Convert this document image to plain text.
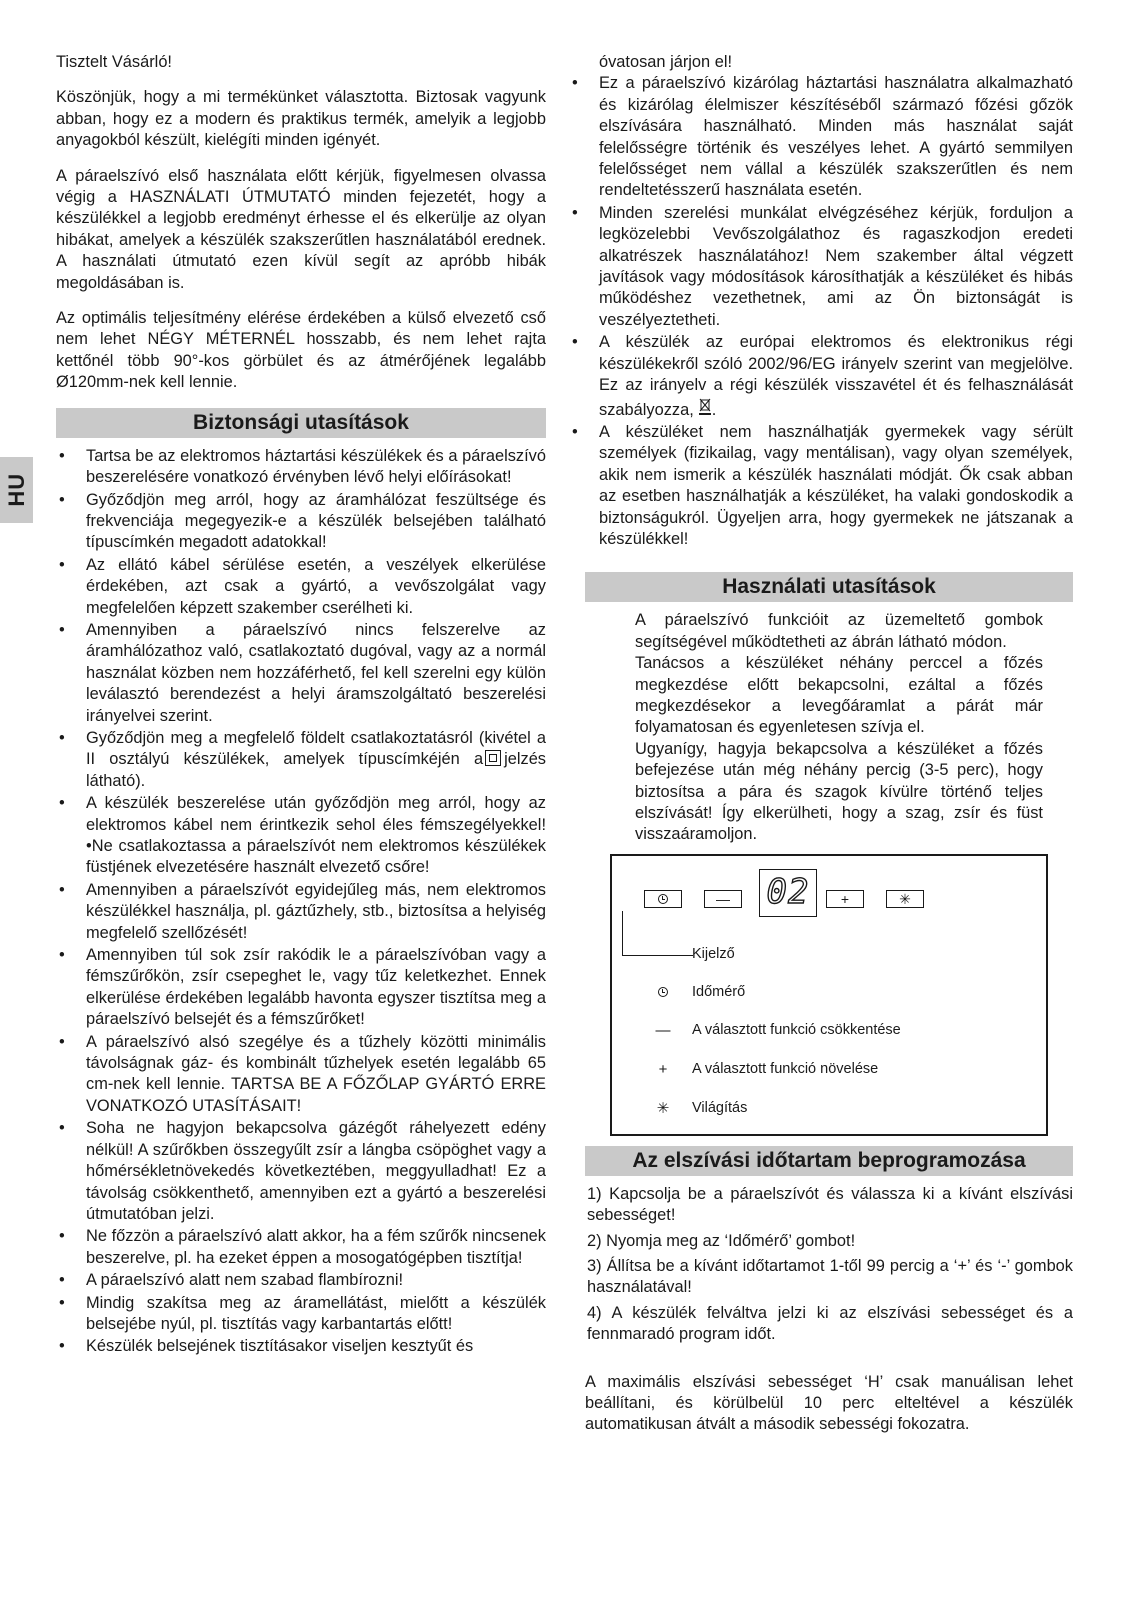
HU

Tisztelt Vásárló!

Köszönjük, hogy a mi termékünket választotta. Biztosak vagyunk abban, hogy ez a modern és praktikus termék, amelyik a legjobb anyagokból készült, kielégíti minden igényét.

A páraelszívó első használata előtt kérjük, figyelmesen olvassa végig a HASZNÁLATI ÚTMUTATÓ minden fejezetét, hogy a készülékkel a legjobb eredményt érhesse el és elkerülje az olyan hibákat, amelyek a készülék szakszerűtlen használatából erednek. A használati útmutató ezen kívül segít az apróbb hibák megoldásában is.

Az optimális teljesítmény elérése érdekében a külső elvezető cső nem lehet NÉGY MÉTERNÉL hosszabb, és nem lehet rajta kettőnél több 90°-kos görbület és az átmérőjének legalább Ø120mm-nek kell lennie.

Biztonsági utasítások
• Tartsa be az elektromos háztartási készülékek és a páraelszívó beszerelésére vonatkozó érvényben lévő helyi előírásokat!
• Győződjön meg arról, hogy az áramhálózat feszültsége és frekvenciája megegyezik-e a készülék belsejében található típuscímkén megadott adatokkal!
• Az ellátó kábel sérülése esetén, a veszélyek elkerülése érdekében, azt csak a gyártó, a vevőszolgálat vagy megfelelően képzett szakember cserélheti ki.
• Amennyiben a páraelszívó nincs felszerelve az áramhálózathoz való, csatlakoztató dugóval, vagy az a normál használat közben nem hozzáférhető, fel kell szerelni egy külön leválasztó berendezést a helyi áramszolgáltató beszerelési irányelvei szerint.
• Győződjön meg a megfelelő földelt csatlakoztatásról (kivétel a II osztályú készülékek, amelyek típuscímkéjén a jelzés látható).
• A készülék beszerelése után győződjön meg arról, hogy az elektromos kábel nem érintkezik sehol éles fémszegélyekkel! •Ne csatlakoztassa a páraelszívót nem elektromos készülékek füstjének elvezetésére használt elvezető csőre!
• Amennyiben a páraelszívót egyidejűleg más, nem elektromos készülékkel használja, pl. gáztűzhely, stb., biztosítsa a helyiség megfelelő szellőzését!
• Amennyiben túl sok zsír rakódik le a páraelszívóban vagy a fémszűrőkön, zsír csepeghet le, vagy tűz keletkezhet. Ennek elkerülése érdekében legalább havonta egyszer tisztítsa meg a páraelszívó belsejét és a fémszűrőket!
• A páraelszívó alsó szegélye és a tűzhely közötti minimális távolságnak gáz- és kombinált tűzhelyek esetén legalább 65 cm-nek kell lennie. TARTSA BE A FŐZŐLAP GYÁRTÓ ERRE VONATKOZÓ UTASÍTÁSAIT!
• Soha ne hagyjon bekapcsolva gázégőt ráhelyezett edény nélkül! A szűrőkben összegyűlt zsír a lángba csöpöghet vagy a hőmérsékletnövekedés következtében, meggyulladhat! Ez a távolság csökkenthető, amennyiben ezt a gyártó a beszerelési útmutatóban jelzi.
• Ne főzzön a páraelszívó alatt akkor, ha a fém szűrők nincsenek beszerelve, pl. ha ezeket éppen a mosogatógépben tisztítja!
• A páraelszívó alatt nem szabad flambírozni!
• Mindig szakítsa meg az áramellátást, mielőtt a készülék belsejébe nyúl, pl. tisztítás vagy karbantartás előtt!
• Készülék belsejének tisztításakor viseljen kesztyűt és

óvatosan járjon el!

• Ez a páraelszívó kizárólag háztartási használatra alkalmazható és kizárólag élelmiszer készítéséből származó főzési gőzök elszívására használható. Minden más használat saját felelősségre történik és veszélyes lehet. A gyártó semmilyen felelősséget nem vállal a készülék szakszerűtlen és nem rendeltetésszerű használata esetén.
• Minden szerelési munkálat elvégzéséhez kérjük, forduljon a legközelebbi Vevőszolgálathoz és ragaszkodjon eredeti alkatrészek használatához! Nem szakember által végzett javítások vagy módosítások károsíthatják a készüléket és hibás működéshez vezethetnek, ami az Ön biztonságát is veszélyeztetheti.
• A készülék az európai elektromos és elektronikus régi készülékekről szóló 2002/96/EG irányelv szerint van megjelölve. Ez az irányelv a régi készülék visszavétel ét és felhasználását szabályozza, .
• A készüléket nem használhatják gyermekek vagy sérült személyek (fizikailag, vagy mentálisan), vagy olyan személyek, akik nem ismerik a készülék használati módját. Ők csak abban az esetben használhatják a készüléket, ha valaki gondoskodik a biztonságukról. Ügyeljen arra, hogy gyermekek ne játszanak a készülékkel!
Használati utasítások

A páraelszívó funkcióit az üzemeltető gombok segítségével működtetheti az ábrán látható módon.

Tanácsos a készüléket néhány perccel a főzés megkezdése előtt bekapcsolni, ezáltal a főzés megkezdésekor a levegőáramlat a párát már folyamatosan és egyenletesen szívja el.

Ugyanígy, hagyja bekapcsolva a készüléket a főzés befejezése után még néhány percig (3-5 perc), hogy biztosítsa a pára és szagok kívülre történő teljes elszívását! Így elkerülheti, hogy a szag, zsír és füst visszaáramoljon.

—	02	+	✳
Kijelző
Időmérő
—	A választott funkció csökkentése
+	A választott funkció növelése
✳	Világítás
Az elszívási időtartam beprogramozása
1) Kapcsolja be a páraelszívót és válassza ki a kívánt elszívási sebességet!
2) Nyomja meg az ‘Időmérő’ gombot!
3) Állítsa be a kívánt időtartamot 1-től 99 percig a ‘+’ és ‘-’ gombok használatával!
4) A készülék felváltva jelzi ki az elszívási sebességet és a fennmaradó program időt.

A maximális elszívási sebességet ‘H’ csak manuálisan lehet beállítani, és körülbelül 10 perc elteltével a készülék automatikusan átvált a második sebességi fokozatra.
